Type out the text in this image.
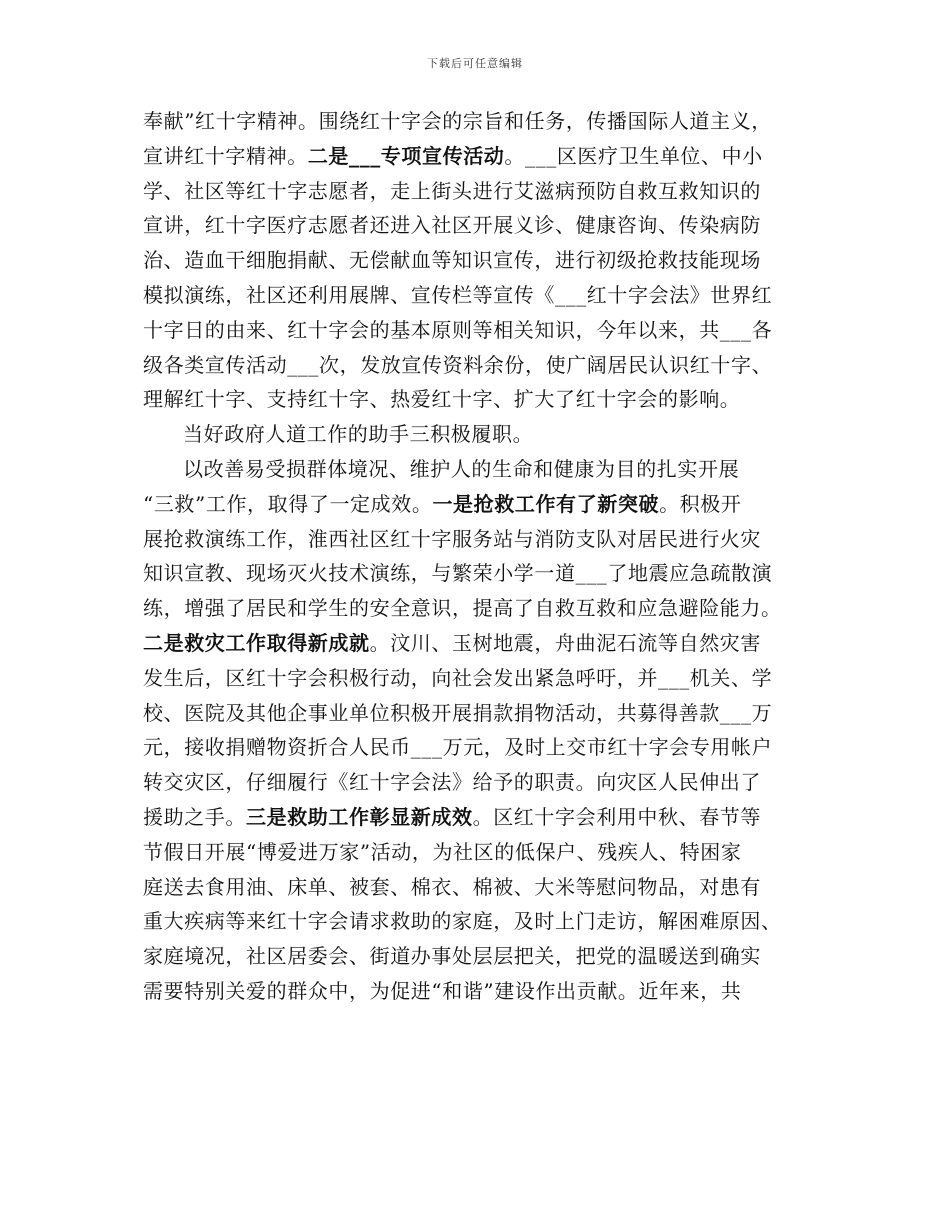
下载后可任意编辑

奉献”红十字精神。围绕红十字会的宗旨和任务，传播国际人道主义，
宣讲红十字精神。二是___专项宣传活动。___区医疗卫生单位、中小
学、社区等红十字志愿者，走上街头进行艾滋病预防自救互救知识的
宣讲，红十字医疗志愿者还进入社区开展义诊、健康咨询、传染病防
治、造血干细胞捐献、无偿献血等知识宣传，进行初级抢救技能现场
模拟演练，社区还利用展牌、宣传栏等宣传《___红十字会法》世界红
十字日的由来、红十字会的基本原则等相关知识，今年以来，共___各
级各类宣传活动___次，发放宣传资料余份，使广阔居民认识红十字、
理解红十字、支持红十字、热爱红十字、扩大了红十字会的影响。

当好政府人道工作的助手三积极履职。

以改善易受损群体境况、维护人的生命和健康为目的扎实开展
“三救”工作，取得了一定成效。一是抢救工作有了新突破。积极开
展抢救演练工作，淮西社区红十字服务站与消防支队对居民进行火灾
知识宣教、现场灭火技术演练，与繁荣小学一道___了地震应急疏散演
练，增强了居民和学生的安全意识，提高了自救互救和应急避险能力。
二是救灾工作取得新成就。汶川、玉树地震，舟曲泥石流等自然灾害
发生后，区红十字会积极行动，向社会发出紧急呼吁，并___机关、学
校、医院及其他企事业单位积极开展捐款捐物活动，共募得善款___万
元，接收捐赠物资折合人民币___万元，及时上交市红十字会专用帐户
转交灾区，仔细履行《红十字会法》给予的职责。向灾区人民伸出了
援助之手。三是救助工作彰显新成效。区红十字会利用中秋、春节等
节假日开展“博爱进万家”活动，为社区的低保户、残疾人、特困家
庭送去食用油、床单、被套、棉衣、棉被、大米等慰问物品，对患有
重大疾病等来红十字会请求救助的家庭，及时上门走访，解困难原因、
家庭境况，社区居委会、街道办事处层层把关，把党的温暖送到确实
需要特别关爱的群众中，为促进“和谐”建设作出贡献。近年来，共
